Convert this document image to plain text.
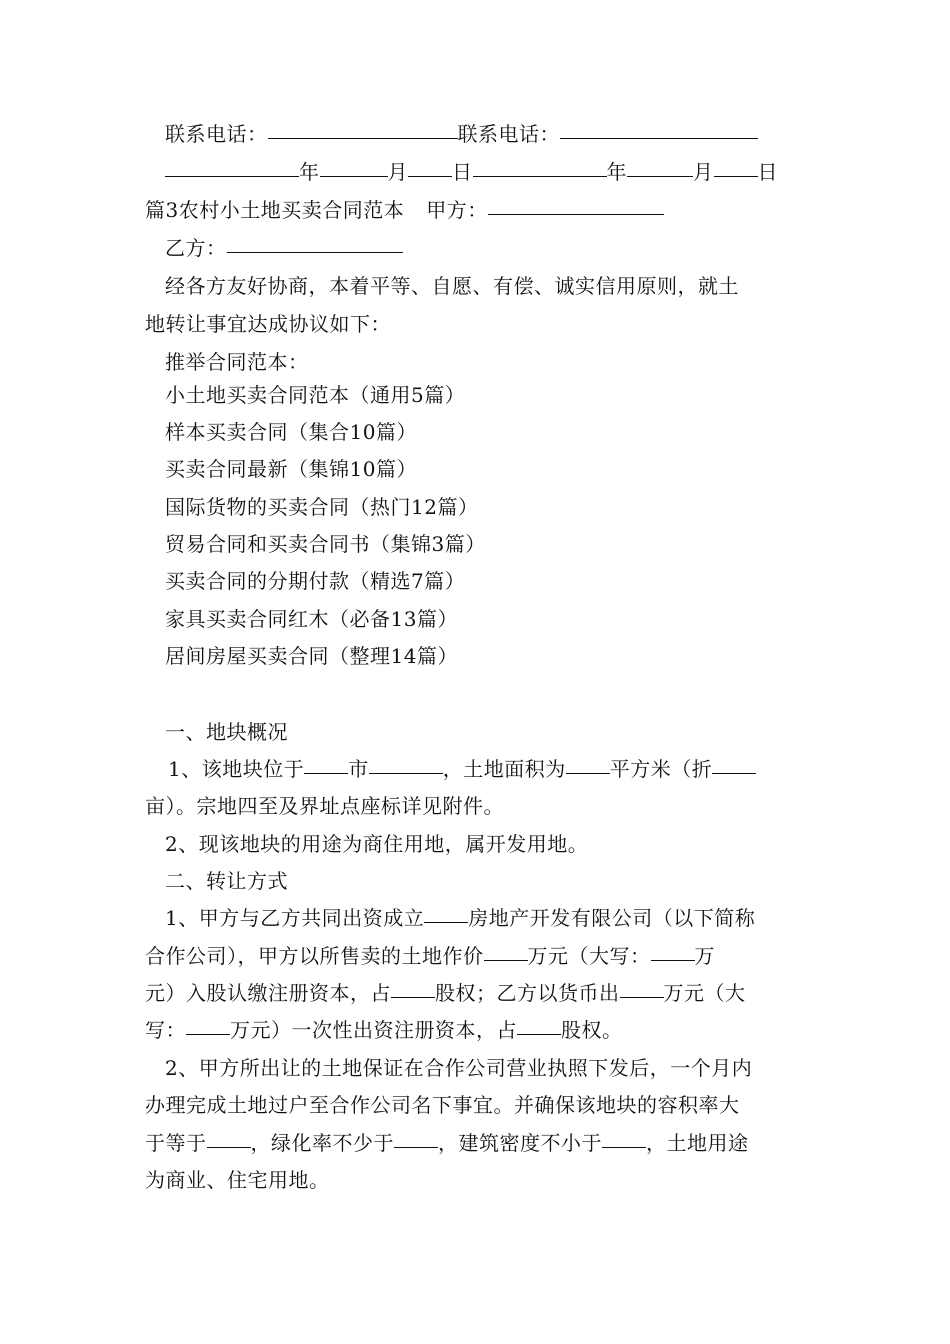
联系电话：	联系电话：
年	月 日	年	月 日
篇3农村小土地买卖合同范本 甲方：
乙方：
经各方友好协商，本着平等、自愿、有偿、诚实信用原则，就土
地转让事宜达成协议如下：
推举合同范本：
小土地买卖合同范本（通用5篇）
样本买卖合同（集合10篇）
买卖合同最新（集锦10篇）
国际货物的买卖合同（热门12篇）
贸易合同和买卖合同书（集锦3篇）
买卖合同的分期付款（精选7篇）
家具买卖合同红木（必备13篇）
居间房屋买卖合同（整理14篇）
一、地块概况
1、该地块位于 市	，土地面积为 平方米（折
亩）。宗地四至及界址点座标详见附件。
2、现该地块的用途为商住用地，属开发用地。
二、转让方式
1、甲方与乙方共同出资成立 房地产开发有限公司（以下简称
合作公司），甲方以所售卖的土地作价 万元（大写： 万
元）入股认缴注册资本，占 股权；乙方以货币出 万元（大
写： 万元）一次性出资注册资本，占 股权。
2、甲方所出让的土地保证在合作公司营业执照下发后，一个月内
办理完成土地过户至合作公司名下事宜。并确保该地块的容积率大
于等于 ，绿化率不少于 ，建筑密度不小于 ，土地用途
为商业、住宅用地。
